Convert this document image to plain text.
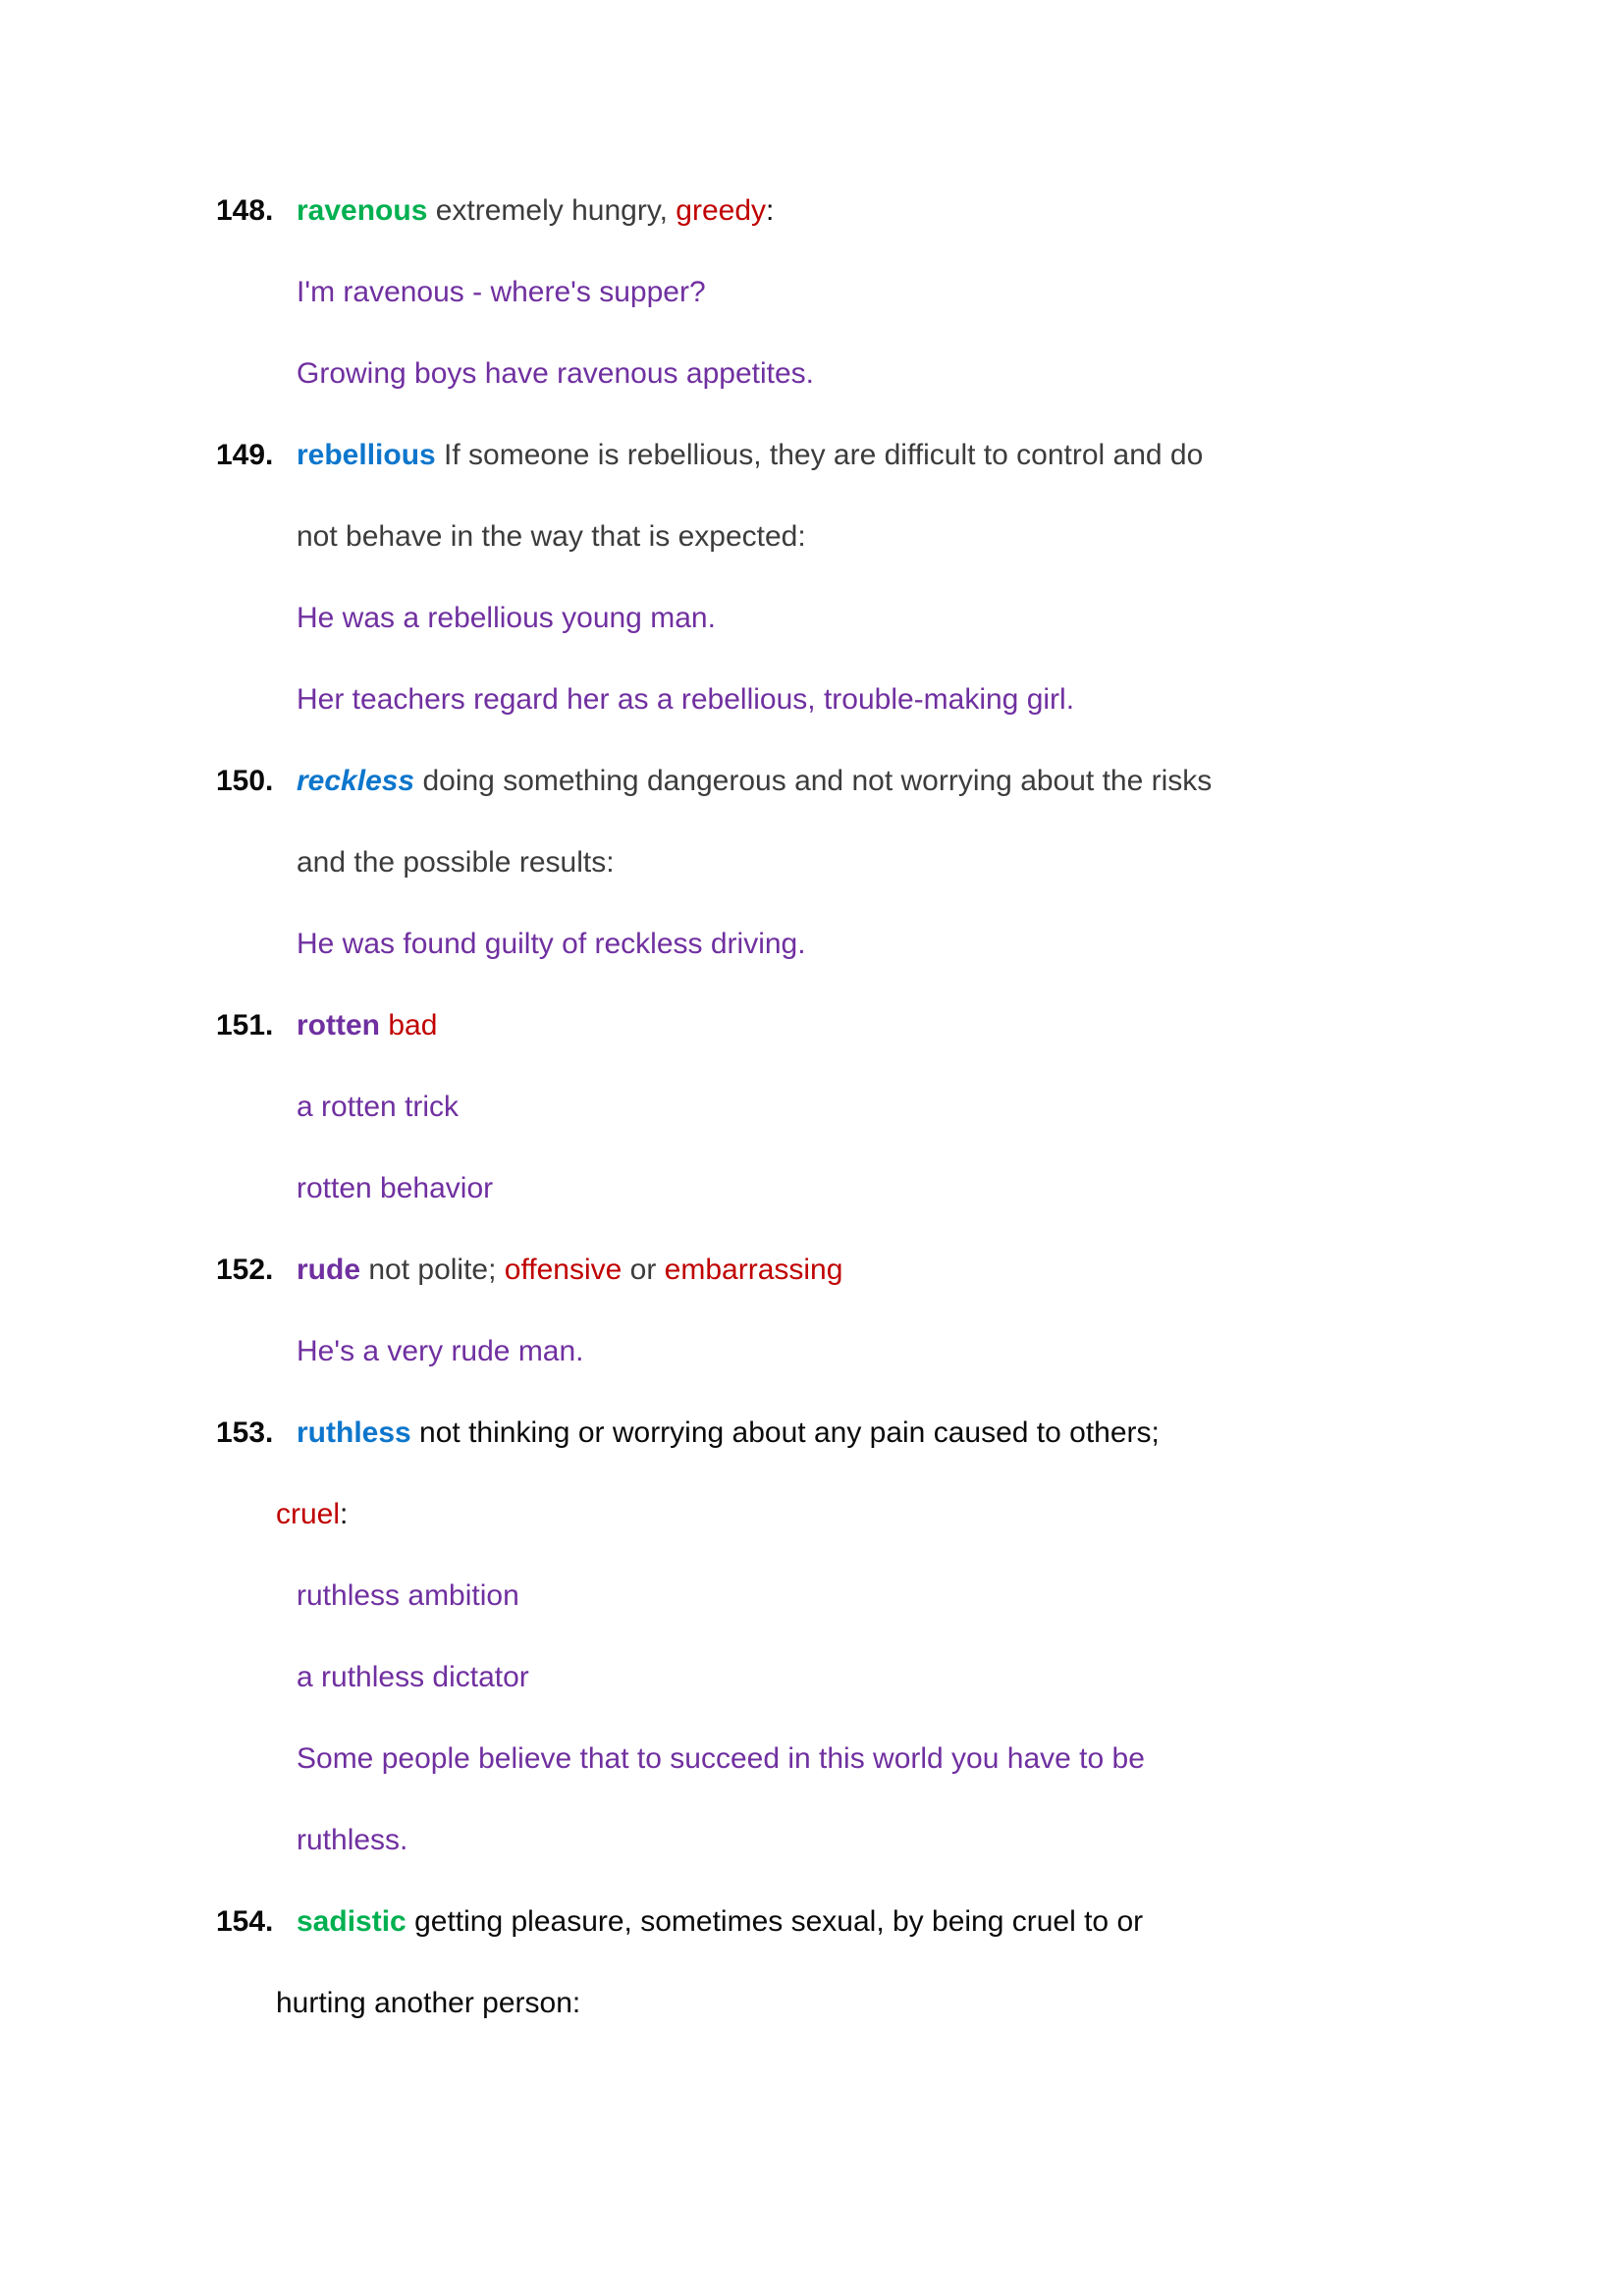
148. ravenous extremely hungry, greedy:
I'm ravenous - where's supper?
Growing boys have ravenous appetites.
149. rebellious If someone is rebellious, they are difficult to control and do
not behave in the way that is expected:
He was a rebellious young man.
Her teachers regard her as a rebellious, trouble-making girl.
150. reckless doing something dangerous and not worrying about the risks
and the possible results:
He was found guilty of reckless driving.
151. rotten bad
a rotten trick
rotten behavior
152. rude not polite; offensive or embarrassing
He's a very rude man.
153. ruthless not thinking or worrying about any pain caused to others;
cruel:
ruthless ambition
a ruthless dictator
Some people believe that to succeed in this world you have to be
ruthless.
154. sadistic getting pleasure, sometimes sexual, by being cruel to or
hurting another person:
